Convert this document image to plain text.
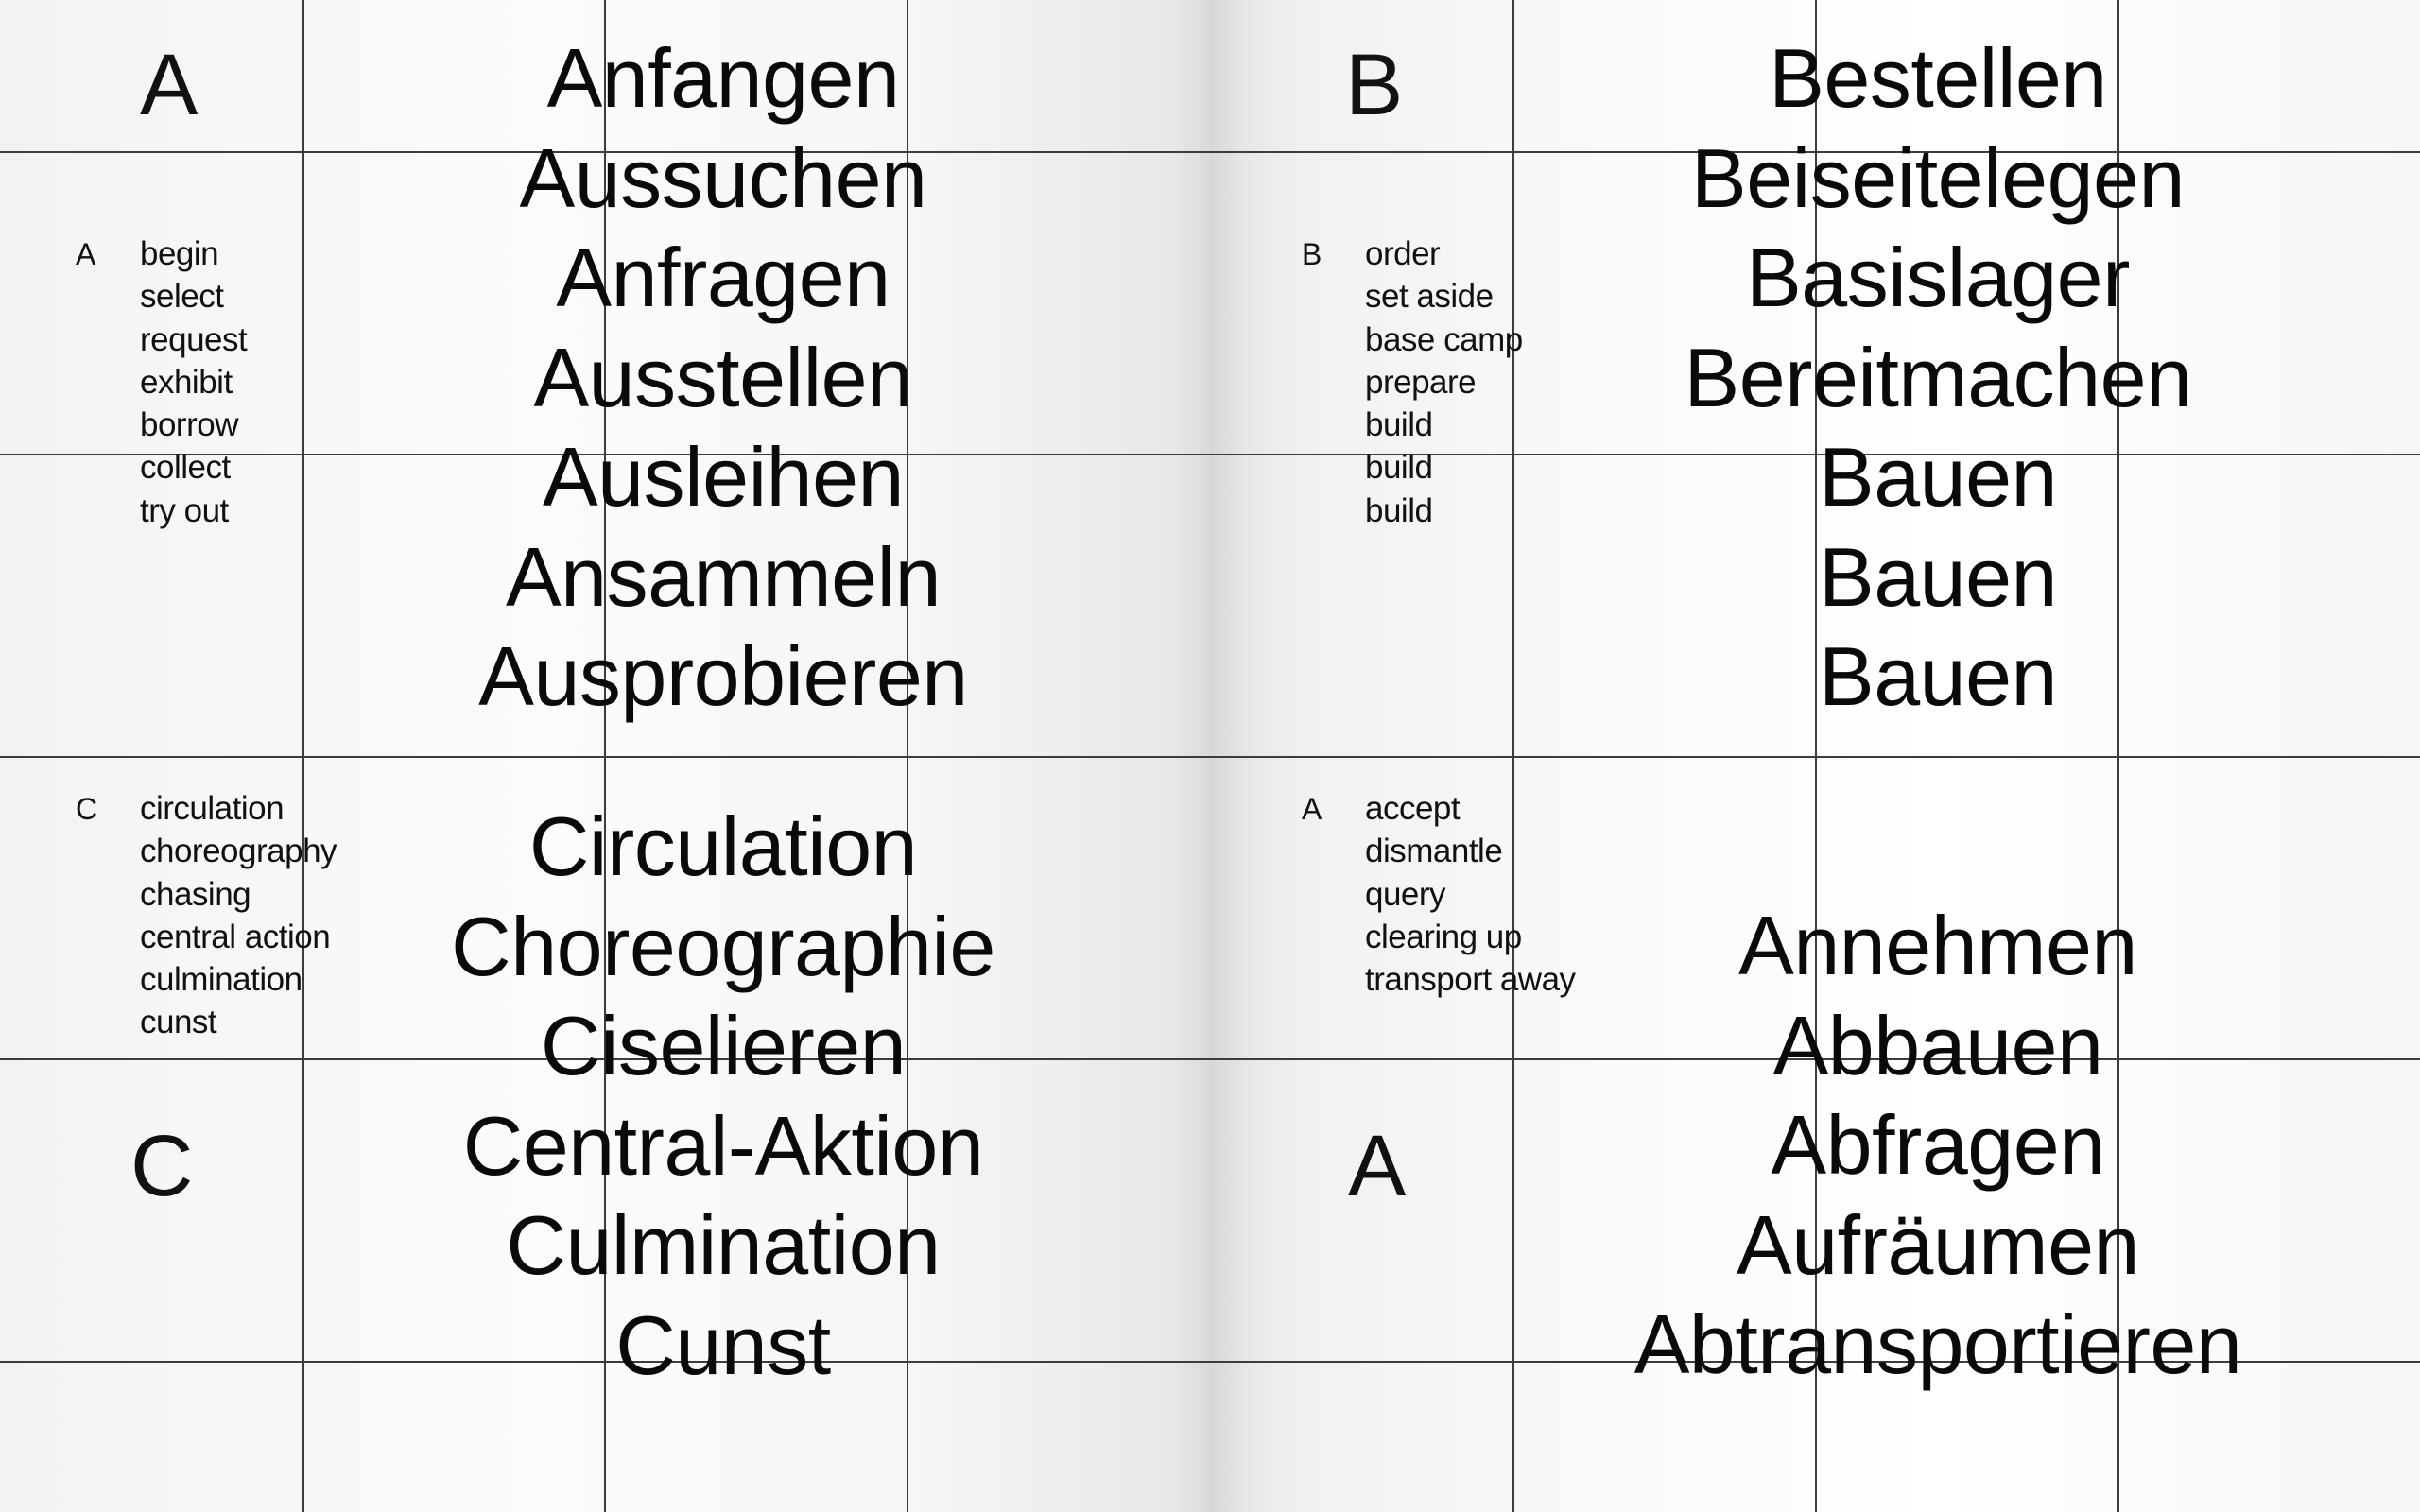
A
A begin
select
request
exhibit
borrow
collect
try out
Anfangen
Aussuchen
Anfragen
Ausstellen
Ausleihen
Ansammeln
Ausprobieren
B
B order
set aside
base camp
prepare
build
build
build
Bestellen
Beiseitelegen
Basislager
Bereitmachen
Bauen
Bauen
Bauen
C circulation
choreography
chasing
central action
culmination
cunst
Circulation
Choreographie
Ciselieren
Central-Aktion
Culmination
Cunst
C
A accept
dismantle
query
clearing up
transport away	Annehmen
Abbauen
Abfragen
Aufräumen
Abtransportieren
A
